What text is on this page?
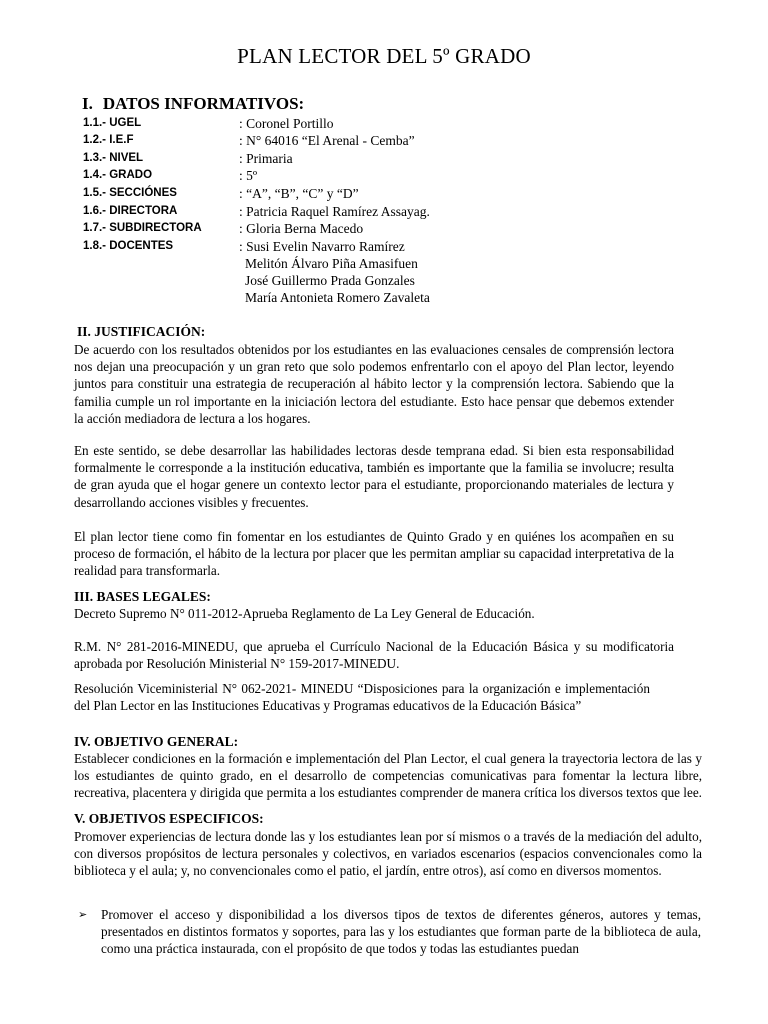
PLAN LECTOR DEL 5º GRADO
I. DATOS INFORMATIVOS:
1.1.- UGEL	: Coronel Portillo
1.2.- I.E.F	: N° 64016 “El Arenal - Cemba”
1.3.- NIVEL	: Primaria
1.4.- GRADO	: 5º
1.5.- SECCIÓNES	: “A”, “B”, “C” y “D”
1.6.- DIRECTORA	: Patricia Raquel Ramírez Assayag.
1.7.- SUBDIRECTORA	: Gloria Berna Macedo
1.8.- DOCENTES	: Susi Evelin Navarro Ramírez
Melitón Álvaro Piña Amasifuen
José Guillermo Prada Gonzales
María Antonieta Romero Zavaleta
II. JUSTIFICACIÓN:
De acuerdo con los resultados obtenidos por los estudiantes en las evaluaciones censales de comprensión lectora nos dejan una preocupación y un gran reto que solo podemos enfrentarlo con el apoyo del Plan lector, leyendo juntos para constituir una estrategia de recuperación al hábito lector y la comprensión lectora. Sabiendo que la familia cumple un rol importante en la iniciación lectora del estudiante. Esto hace pensar que debemos extender la acción mediadora de lectura a los hogares.
En este sentido, se debe desarrollar las habilidades lectoras desde temprana edad. Si bien esta responsabilidad formalmente le corresponde a la institución educativa, también es importante que la familia se involucre; resulta de gran ayuda que el hogar genere un contexto lector para el estudiante, proporcionando materiales de lectura y desarrollando acciones visibles y frecuentes.
El plan lector tiene como fin fomentar en los estudiantes de Quinto Grado y en quiénes los acompañen en su proceso de formación, el hábito de la lectura por placer que les permitan ampliar su capacidad interpretativa de la realidad para transformarla.
III. BASES LEGALES:
Decreto Supremo N° 011-2012-Aprueba Reglamento de La Ley General de Educación.
R.M. N° 281-2016-MINEDU, que aprueba el Currículo Nacional de la Educación Básica y su modificatoria aprobada por Resolución Ministerial N° 159-2017-MINEDU.
Resolución Viceministerial N° 062-2021- MINEDU “Disposiciones para la organización e implementación del Plan Lector en las Instituciones Educativas y Programas educativos de la Educación Básica”
IV. OBJETIVO GENERAL:
Establecer condiciones en la formación e implementación del Plan Lector, el cual genera la trayectoria lectora de las y los estudiantes de quinto grado, en el desarrollo de competencias comunicativas para fomentar la lectura libre, recreativa, placentera y dirigida que permita a los estudiantes comprender de manera crítica los diversos textos que lee.
V. OBJETIVOS ESPECIFICOS:
Promover experiencias de lectura donde las y los estudiantes lean por sí mismos o a través de la mediación del adulto, con diversos propósitos de lectura personales y colectivos, en variados escenarios (espacios convencionales como la biblioteca y el aula; y, no convencionales como el patio, el jardín, entre otros), así como en diversos momentos.
➢ Promover el acceso y disponibilidad a los diversos tipos de textos de diferentes géneros, autores y temas, presentados en distintos formatos y soportes, para las y los estudiantes que forman parte de la biblioteca de aula, como una práctica instaurada, con el propósito de que todos y todas las estudiantes puedan
